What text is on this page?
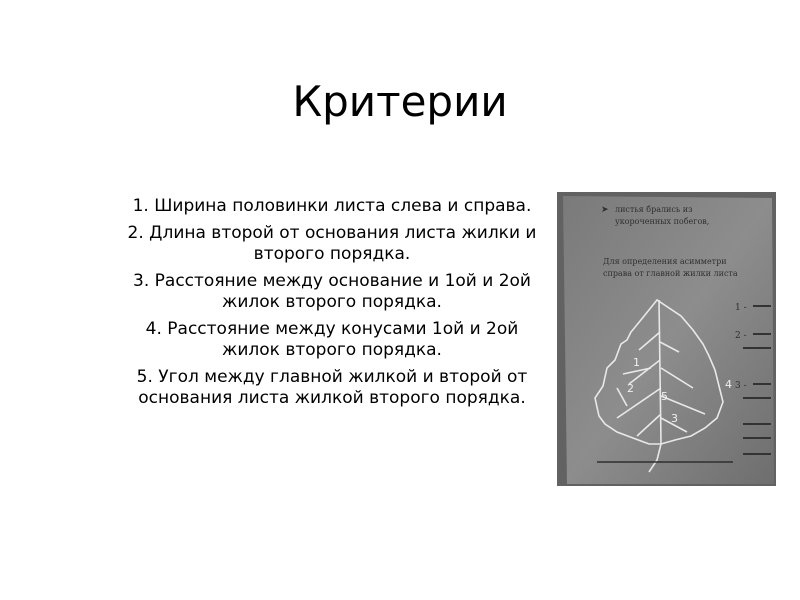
Критерии
1. Ширина половинки листа слева и справа.
2. Длина второй от основания листа жилки и второго порядка.
3. Расстояние между основание и 1ой и 2ой жилок второго порядка.
4. Расстояние между конусами 1ой и 2ой жилок второго порядка.
5. Угол между главной жилкой и второй от основания листа жилкой второго порядка.
листья брались из
укороченных побегов,
Для определения асимметри
справа от главной жилки листа
➤
1 -
2 -
3 -
1
2
3
4
5
